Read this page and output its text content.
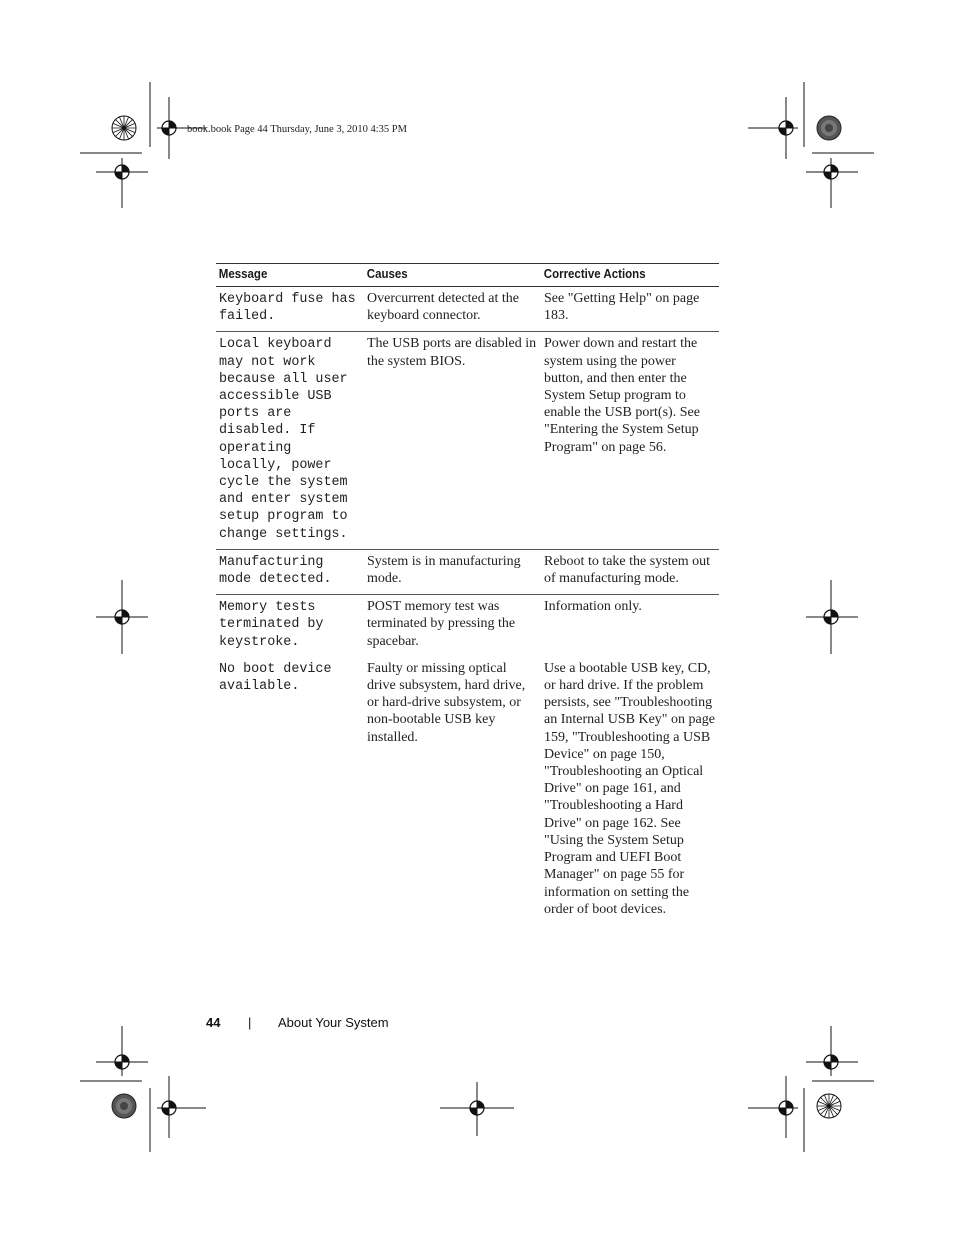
book.book Page 44 Thursday, June 3, 2010 4:35 PM
Message	Causes	Corrective Actions
Keyboard fuse has failed.	Overcurrent detected at the keyboard connector.	See "Getting Help" on page 183.
Local keyboard may not work because all user accessible USB ports are disabled. If operating locally, power cycle the system and enter system setup program to change settings.	The USB ports are disabled in the system BIOS.	Power down and restart the system using the power button, and then enter the System Setup program to enable the USB port(s). See "Entering the System Setup Program" on page 56.
Manufacturing mode detected.	System is in manufacturing mode.	Reboot to take the system out of manufacturing mode.
Memory tests terminated by keystroke.	POST memory test was terminated by pressing the spacebar.	Information only.
No boot device available.	Faulty or missing optical drive subsystem, hard drive, or hard-drive subsystem, or non-bootable USB key installed.	Use a bootable USB key, CD, or hard drive. If the problem persists, see "Troubleshooting an Internal USB Key" on page 159, "Troubleshooting a USB Device" on page 150, "Troubleshooting an Optical Drive" on page 161, and "Troubleshooting a Hard Drive" on page 162. See "Using the System Setup Program and UEFI Boot Manager" on page 55 for information on setting the order of boot devices.
44 | About Your System
